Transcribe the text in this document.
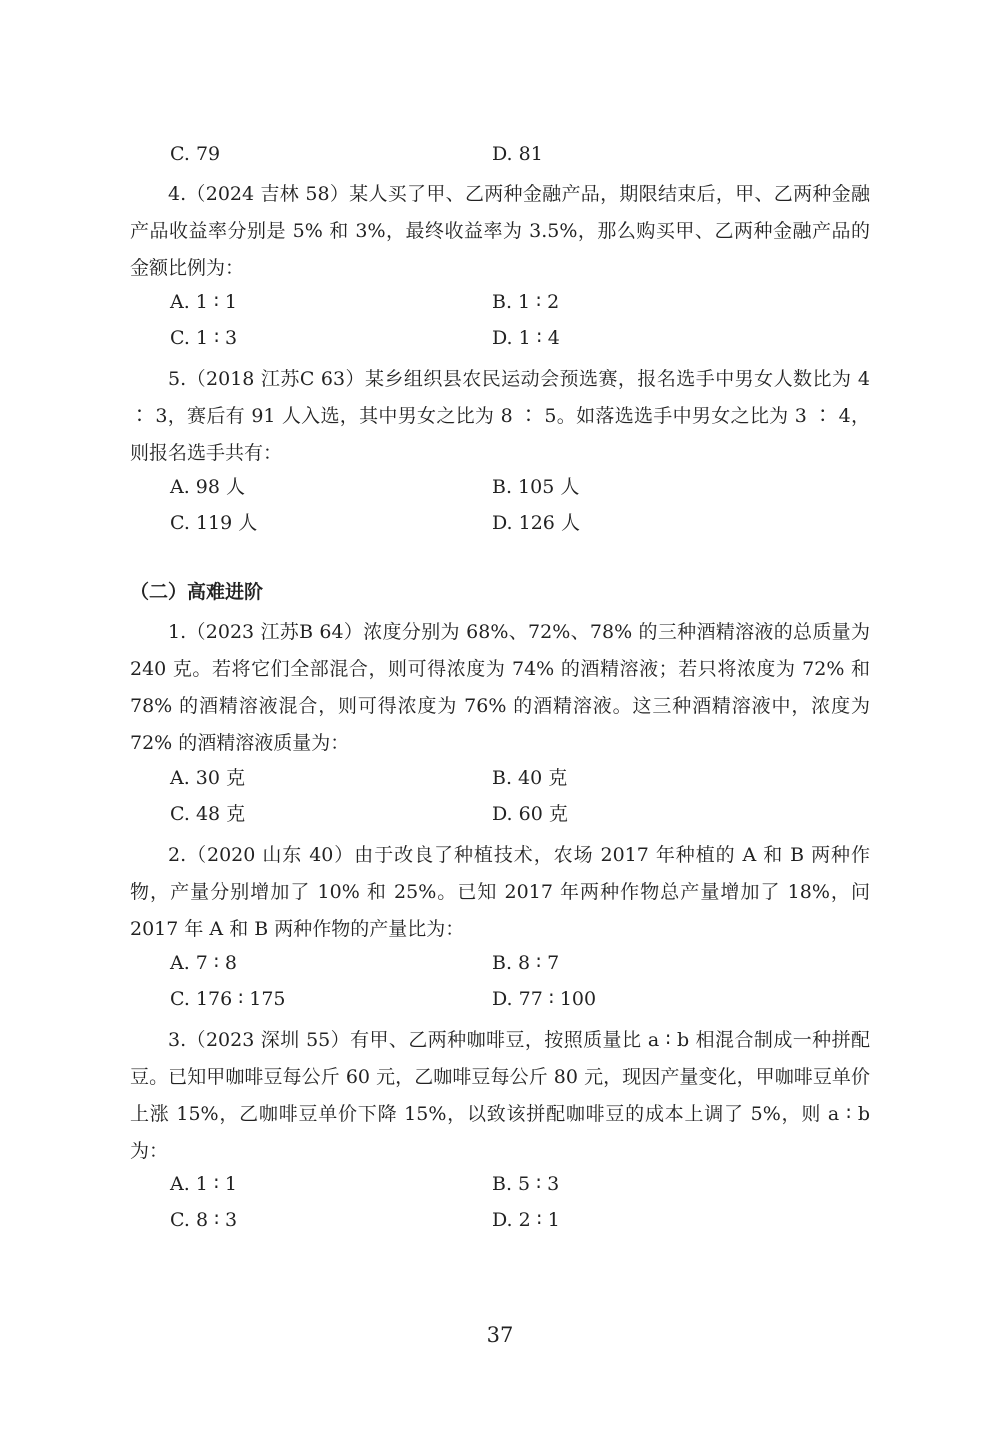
C. 79	D. 81
4.（2024 吉林 58）某人买了甲、乙两种金融产品，期限结束后，甲、乙两种金融产品收益率分别是 5% 和 3%，最终收益率为 3.5%，那么购买甲、乙两种金融产品的金额比例为：
A. 1 ∶ 1	B. 1 ∶ 2
C. 1 ∶ 3	D. 1 ∶ 4
5.（2018 江苏C 63）某乡组织县农民运动会预选赛，报名选手中男女人数比为 4 ∶ 3，赛后有 91 人入选，其中男女之比为 8 ∶ 5。如落选选手中男女之比为 3 ∶ 4，则报名选手共有：
A. 98 人	B. 105 人
C. 119 人	D. 126 人
（二）高难进阶
1.（2023 江苏B 64）浓度分别为 68%、72%、78% 的三种酒精溶液的总质量为 240 克。若将它们全部混合，则可得浓度为 74% 的酒精溶液；若只将浓度为 72% 和 78% 的酒精溶液混合，则可得浓度为 76% 的酒精溶液。这三种酒精溶液中，浓度为 72% 的酒精溶液质量为：
A. 30 克	B. 40 克
C. 48 克	D. 60 克
2.（2020 山东 40）由于改良了种植技术，农场 2017 年种植的 A 和 B 两种作物，产量分别增加了 10% 和 25%。已知 2017 年两种作物总产量增加了 18%，问 2017 年 A 和 B 两种作物的产量比为：
A. 7 ∶ 8	B. 8 ∶ 7
C. 176 ∶ 175	D. 77 ∶ 100
3.（2023 深圳 55）有甲、乙两种咖啡豆，按照质量比 a ∶ b 相混合制成一种拼配豆。已知甲咖啡豆每公斤 60 元，乙咖啡豆每公斤 80 元，现因产量变化，甲咖啡豆单价上涨 15%，乙咖啡豆单价下降 15%，以致该拼配咖啡豆的成本上调了 5%，则 a ∶ b 为：
A. 1 ∶ 1	B. 5 ∶ 3
C. 8 ∶ 3	D. 2 ∶ 1
37
